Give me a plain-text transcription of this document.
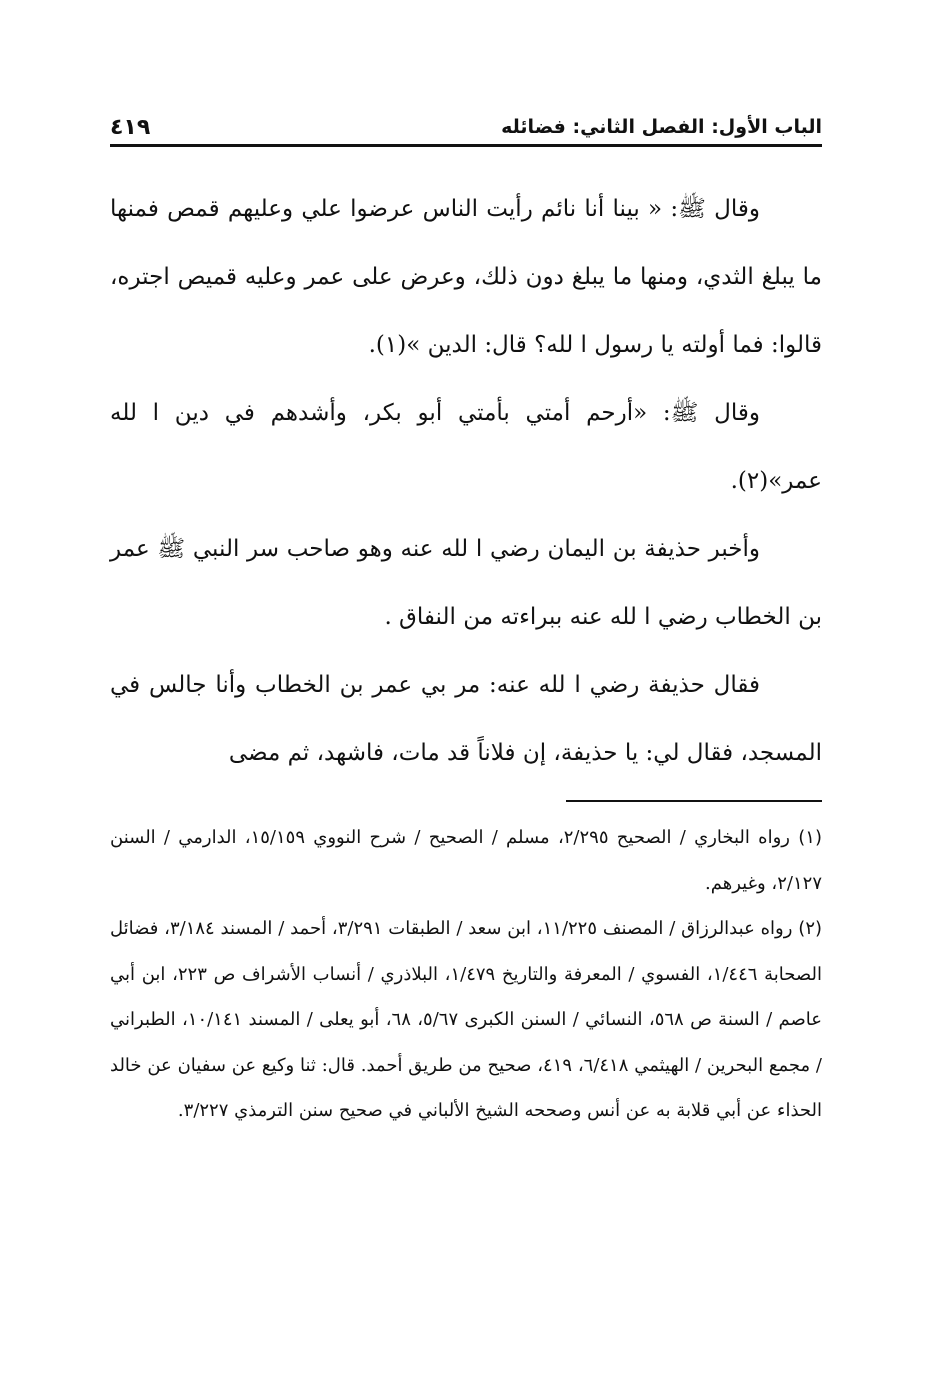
الباب الأول: الفصل الثاني: فضائله
٤١٩

وقال ﷺ: « بينا أنا نائم رأيت الناس عرضوا علي وعليهم قمص فمنها ما يبلغ الثدي، ومنها ما يبلغ دون ذلك، وعرض على عمر وعليه قميص اجتره، قالوا: فما أولته يا رسول ا لله؟ قال: الدين »(١).

وقال ﷺ: «أرحم أمتي بأمتي أبو بكر، وأشدهم في دين ا لله عمر»(٢).

وأخبر حذيفة بن اليمان رضي ا لله عنه وهو صاحب سر النبي ﷺ عمر بن الخطاب رضي ا لله عنه ببراءته من النفاق .

فقال حذيفة رضي ا لله عنه: مر بي عمر بن الخطاب وأنا جالس في المسجد، فقال لي: يا حذيفة، إن فلاناً قد مات، فاشهد، ثم مضى

(١) رواه البخاري / الصحيح ٢/٢٩٥، مسلم / الصحيح / شرح النووي ١٥/١٥٩، الدارمي / السنن ٢/١٢٧، وغيرهم.

(٢) رواه عبدالرزاق / المصنف ١١/٢٢٥، ابن سعد / الطبقات ٣/٢٩١، أحمد / المسند ٣/١٨٤، فضائل الصحابة ١/٤٤٦، الفسوي / المعرفة والتاريخ ١/٤٧٩، البلاذري / أنساب الأشراف ص ٢٢٣، ابن أبي عاصم / السنة ص ٥٦٨، النسائي / السنن الكبرى ٥/٦٧، ٦٨، أبو يعلى / المسند ١٠/١٤١، الطبراني / مجمع البحرين / الهيثمي ٦/٤١٨، ٤١٩، صحيح من طريق أحمد. قال: ثنا وكيع عن سفيان عن خالد الحذاء عن أبي قلابة به عن أنس وصححه الشيخ الألباني في صحيح سنن الترمذي ٣/٢٢٧.
